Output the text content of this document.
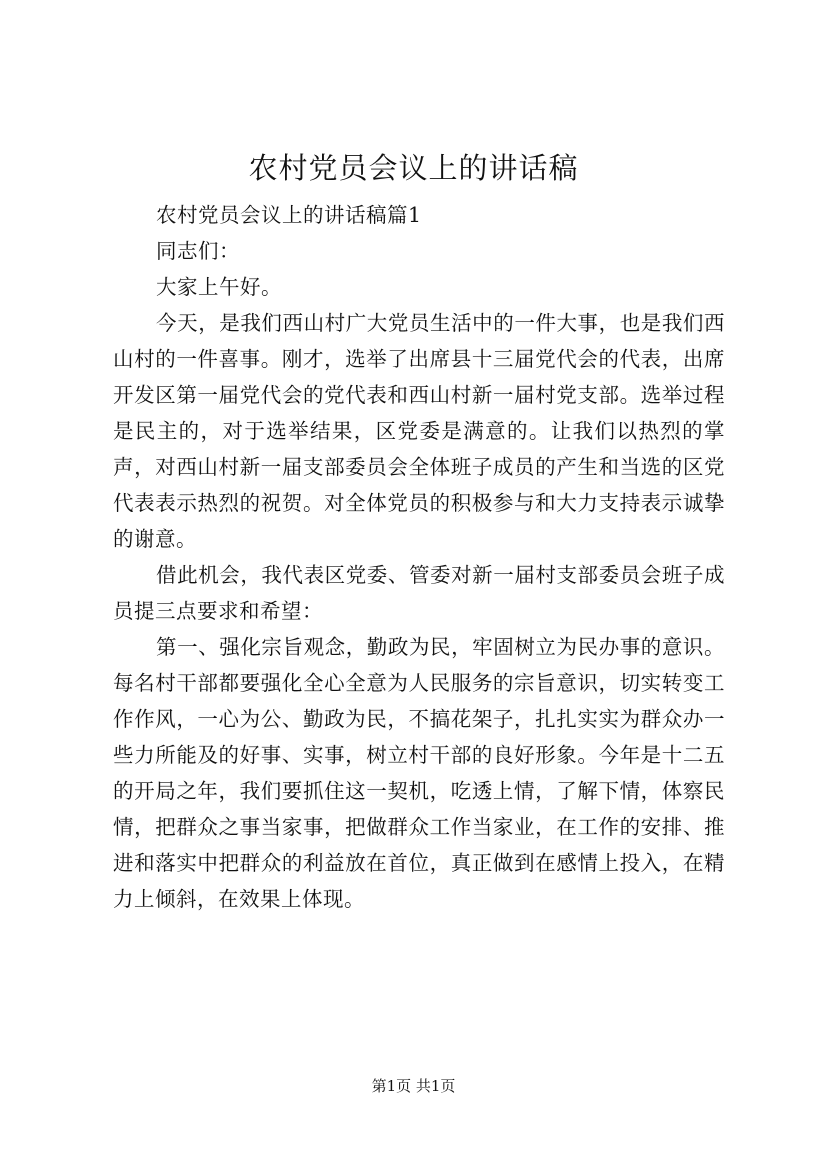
农村党员会议上的讲话稿

农村党员会议上的讲话稿篇1

同志们：

大家上午好。

今天，是我们西山村广大党员生活中的一件大事，也是我们西山村的一件喜事。刚才，选举了出席县十三届党代会的代表，出席开发区第一届党代会的党代表和西山村新一届村党支部。选举过程是民主的，对于选举结果，区党委是满意的。让我们以热烈的掌声，对西山村新一届支部委员会全体班子成员的产生和当选的区党代表表示热烈的祝贺。对全体党员的积极参与和大力支持表示诚挚的谢意。

借此机会，我代表区党委、管委对新一届村支部委员会班子成员提三点要求和希望：

第一、强化宗旨观念，勤政为民，牢固树立为民办事的意识。每名村干部都要强化全心全意为人民服务的宗旨意识，切实转变工作作风，一心为公、勤政为民，不搞花架子，扎扎实实为群众办一些力所能及的好事、实事，树立村干部的良好形象。今年是十二五的开局之年，我们要抓住这一契机，吃透上情，了解下情，体察民情，把群众之事当家事，把做群众工作当家业，在工作的安排、推进和落实中把群众的利益放在首位，真正做到在感情上投入，在精力上倾斜，在效果上体现。

第1页 共1页
